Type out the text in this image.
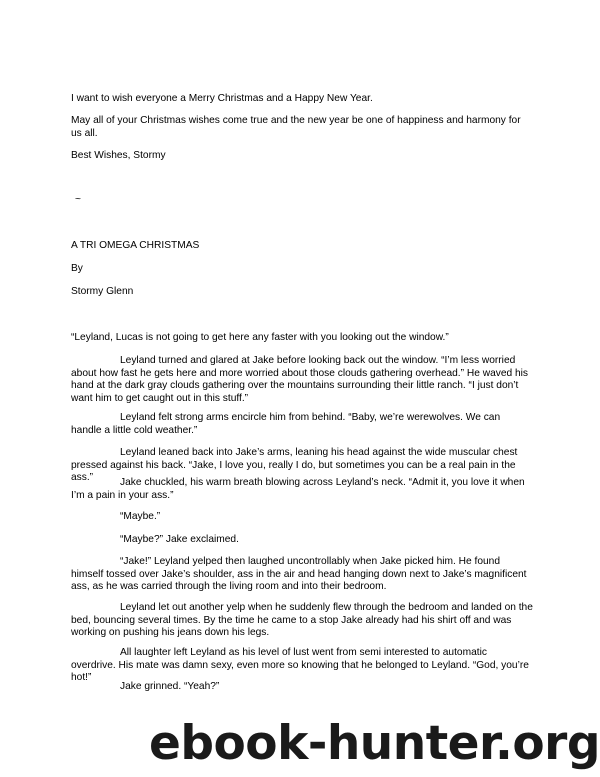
I want to wish everyone a Merry Christmas and a Happy New Year.

May all of your Christmas wishes come true and the new year be one of happiness and harmony for us all.

Best Wishes, Stormy

~

A TRI OMEGA CHRISTMAS

By

Stormy Glenn

“Leyland, Lucas is not going to get here any faster with you looking out the window.”

Leyland turned and glared at Jake before looking back out the window. “I’m less worried about how fast he gets here and more worried about those clouds gathering overhead.” He waved his hand at the dark gray clouds gathering over the mountains surrounding their little ranch. “I just don’t want him to get caught out in this stuff.”

Leyland felt strong arms encircle him from behind. “Baby, we’re werewolves. We can handle a little cold weather.”

Leyland leaned back into Jake’s arms, leaning his head against the wide muscular chest pressed against his back. “Jake, I love you, really I do, but sometimes you can be a real pain in the ass.”	Jake chuckled, his warm breath blowing across Leyland’s neck. “Admit it, you love it when I’m a pain in your ass.”

“Maybe.”

“Maybe?” Jake exclaimed.

“Jake!” Leyland yelped then laughed uncontrollably when Jake picked him. He found himself tossed over Jake’s shoulder, ass in the air and head hanging down next to Jake’s magnificent ass, as he was carried through the living room and into their bedroom.

Leyland let out another yelp when he suddenly flew through the bedroom and landed on the bed, bouncing several times. By the time he came to a stop Jake already had his shirt off and was working on pushing his jeans down his legs.

All laughter left Leyland as his level of lust went from semi interested to automatic overdrive. His mate was damn sexy, even more so knowing that he belonged to Leyland. “God, you’re hot!”

Jake grinned. “Yeah?”

ebook-hunter.org
